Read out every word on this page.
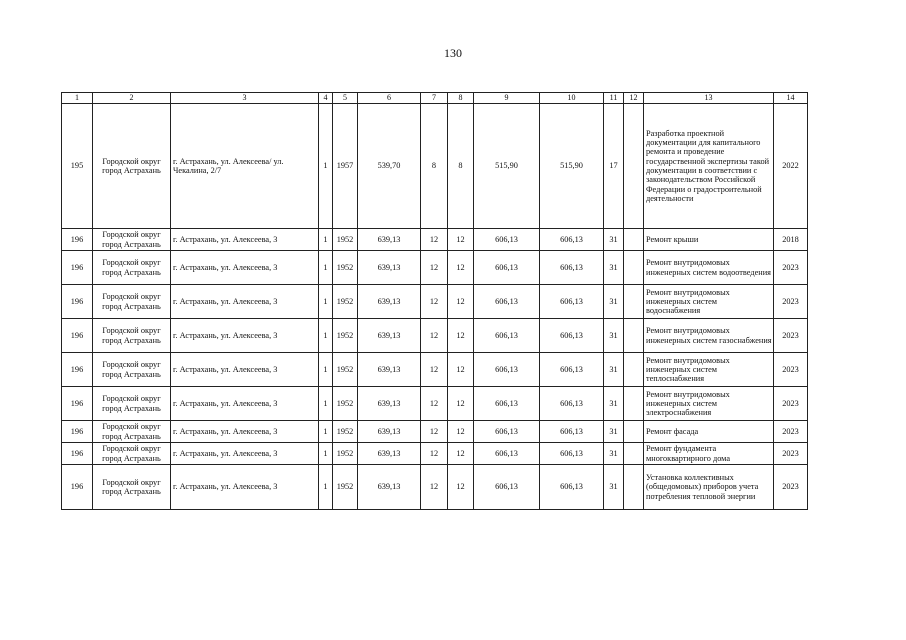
130
1	2	3	4	5	6	7	8	9	10	11	12	13	14

195	Городской округ город Астрахань	г. Астрахань, ул. Алексеева/ ул. Чекалина, 2/7	1	1957	539,70	8	8	515,90	515,90	17		Разработка проектной документации для капитального ремонта и проведение государственной экспертизы такой документации в соответствии с законодательством Российской Федерации о градостроительной деятельности	2022

196	Городской округ город Астрахань	г. Астрахань, ул. Алексеева, 3	1	1952	639,13	12	12	606,13	606,13	31		Ремонт крыши	2018

196	Городской округ город Астрахань	г. Астрахань, ул. Алексеева, 3	1	1952	639,13	12	12	606,13	606,13	31		Ремонт внутридомовых инженерных систем водоотведения	2023

196	Городской округ город Астрахань	г. Астрахань, ул. Алексеева, 3	1	1952	639,13	12	12	606,13	606,13	31		Ремонт внутридомовых инженерных систем водоснабжения	2023

196	Городской округ город Астрахань	г. Астрахань, ул. Алексеева, 3	1	1952	639,13	12	12	606,13	606,13	31		Ремонт внутридомовых инженерных систем газоснабжения	2023

196	Городской округ город Астрахань	г. Астрахань, ул. Алексеева, 3	1	1952	639,13	12	12	606,13	606,13	31		Ремонт внутридомовых инженерных систем теплоснабжения	2023

196	Городской округ город Астрахань	г. Астрахань, ул. Алексеева, 3	1	1952	639,13	12	12	606,13	606,13	31		Ремонт внутридомовых инженерных систем электроснабжения	2023

196	Городской округ город Астрахань	г. Астрахань, ул. Алексеева, 3	1	1952	639,13	12	12	606,13	606,13	31		Ремонт фасада	2023

196	Городской округ город Астрахань	г. Астрахань, ул. Алексеева, 3	1	1952	639,13	12	12	606,13	606,13	31		Ремонт фундамента многоквартирного дома	2023

196	Городской округ город Астрахань	г. Астрахань, ул. Алексеева, 3	1	1952	639,13	12	12	606,13	606,13	31		Установка коллективных (общедомовых) приборов учета потребления тепловой энергии	2023
